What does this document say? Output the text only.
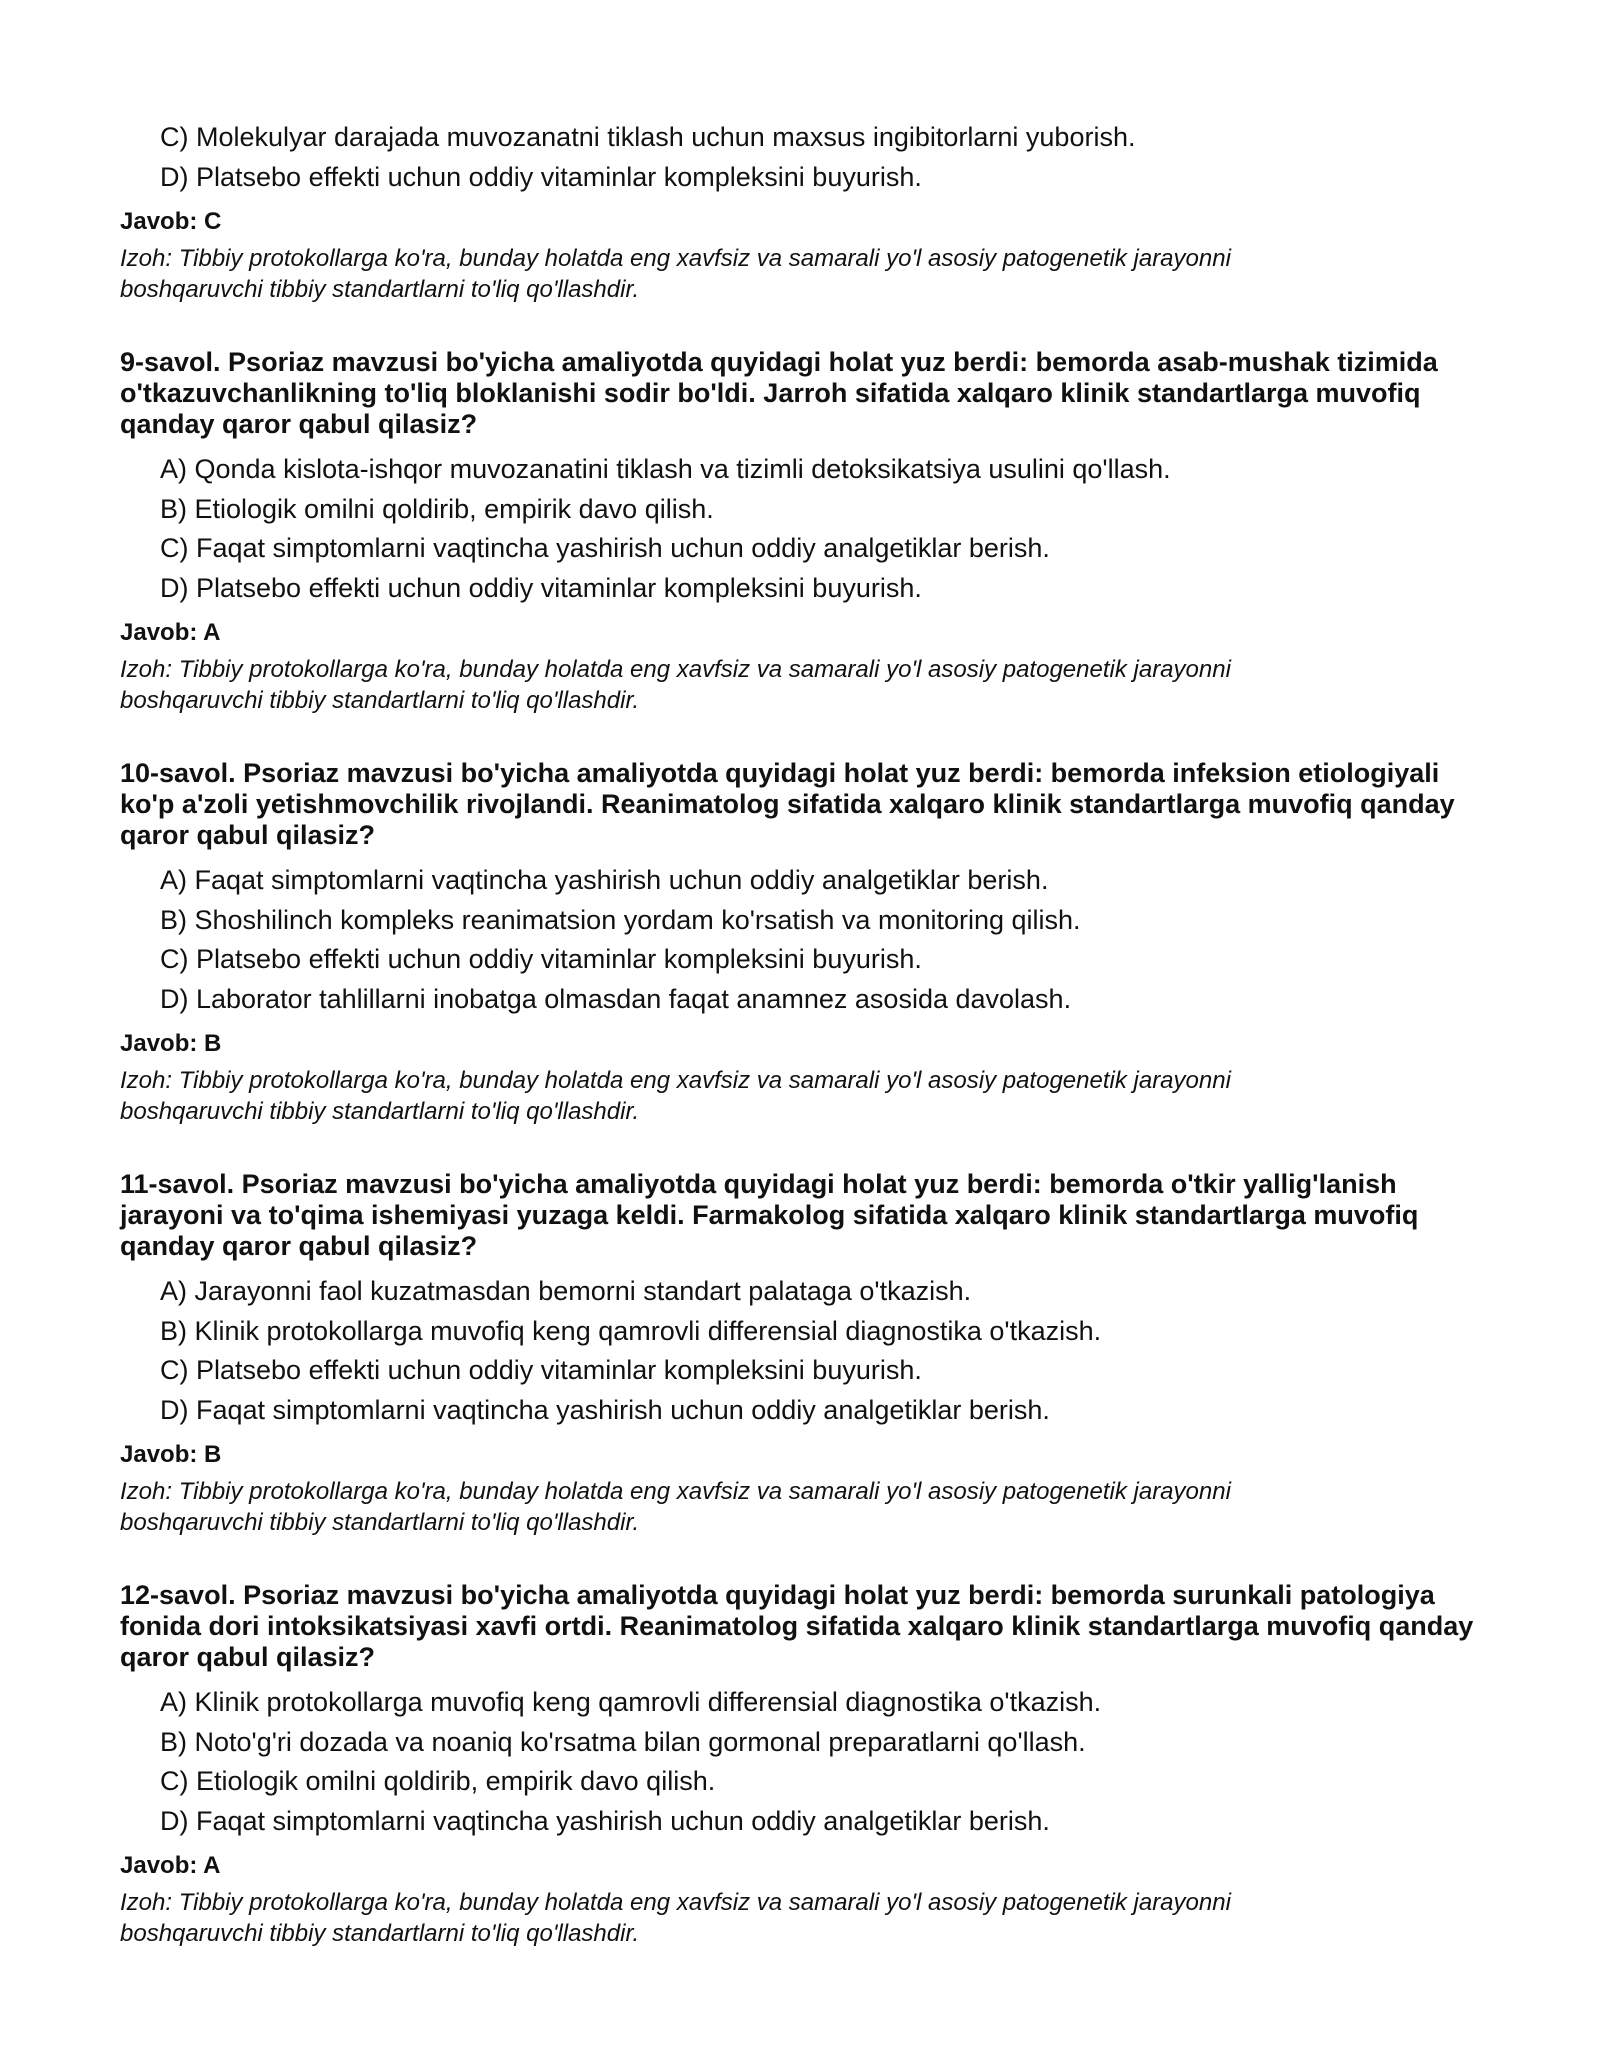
C) Molekulyar darajada muvozanatni tiklash uchun maxsus ingibitorlarni yuborish.
D) Platsebo effekti uchun oddiy vitaminlar kompleksini buyurish.
Javob: C
Izoh: Tibbiy protokollarga ko'ra, bunday holatda eng xavfsiz va samarali yo'l asosiy patogenetik jarayonni boshqaruvchi tibbiy standartlarni to'liq qo'llashdir.
9-savol. Psoriaz mavzusi bo'yicha amaliyotda quyidagi holat yuz berdi: bemorda asab-mushak tizimida o'tkazuvchanlikning to'liq bloklanishi sodir bo'ldi. Jarroh sifatida xalqaro klinik standartlarga muvofiq qanday qaror qabul qilasiz?
A) Qonda kislota-ishqor muvozanatini tiklash va tizimli detoksikatsiya usulini qo'llash.
B) Etiologik omilni qoldirib, empirik davo qilish.
C) Faqat simptomlarni vaqtincha yashirish uchun oddiy analgetiklar berish.
D) Platsebo effekti uchun oddiy vitaminlar kompleksini buyurish.
Javob: A
Izoh: Tibbiy protokollarga ko'ra, bunday holatda eng xavfsiz va samarali yo'l asosiy patogenetik jarayonni boshqaruvchi tibbiy standartlarni to'liq qo'llashdir.
10-savol. Psoriaz mavzusi bo'yicha amaliyotda quyidagi holat yuz berdi: bemorda infeksion etiologiyali ko'p a'zoli yetishmovchilik rivojlandi. Reanimatolog sifatida xalqaro klinik standartlarga muvofiq qanday qaror qabul qilasiz?
A) Faqat simptomlarni vaqtincha yashirish uchun oddiy analgetiklar berish.
B) Shoshilinch kompleks reanimatsion yordam ko'rsatish va monitoring qilish.
C) Platsebo effekti uchun oddiy vitaminlar kompleksini buyurish.
D) Laborator tahlillarni inobatga olmasdan faqat anamnez asosida davolash.
Javob: B
Izoh: Tibbiy protokollarga ko'ra, bunday holatda eng xavfsiz va samarali yo'l asosiy patogenetik jarayonni boshqaruvchi tibbiy standartlarni to'liq qo'llashdir.
11-savol. Psoriaz mavzusi bo'yicha amaliyotda quyidagi holat yuz berdi: bemorda o'tkir yallig'lanish jarayoni va to'qima ishemiyasi yuzaga keldi. Farmakolog sifatida xalqaro klinik standartlarga muvofiq qanday qaror qabul qilasiz?
A) Jarayonni faol kuzatmasdan bemorni standart palataga o'tkazish.
B) Klinik protokollarga muvofiq keng qamrovli differensial diagnostika o'tkazish.
C) Platsebo effekti uchun oddiy vitaminlar kompleksini buyurish.
D) Faqat simptomlarni vaqtincha yashirish uchun oddiy analgetiklar berish.
Javob: B
Izoh: Tibbiy protokollarga ko'ra, bunday holatda eng xavfsiz va samarali yo'l asosiy patogenetik jarayonni boshqaruvchi tibbiy standartlarni to'liq qo'llashdir.
12-savol. Psoriaz mavzusi bo'yicha amaliyotda quyidagi holat yuz berdi: bemorda surunkali patologiya fonida dori intoksikatsiyasi xavfi ortdi. Reanimatolog sifatida xalqaro klinik standartlarga muvofiq qanday qaror qabul qilasiz?
A) Klinik protokollarga muvofiq keng qamrovli differensial diagnostika o'tkazish.
B) Noto'g'ri dozada va noaniq ko'rsatma bilan gormonal preparatlarni qo'llash.
C) Etiologik omilni qoldirib, empirik davo qilish.
D) Faqat simptomlarni vaqtincha yashirish uchun oddiy analgetiklar berish.
Javob: A
Izoh: Tibbiy protokollarga ko'ra, bunday holatda eng xavfsiz va samarali yo'l asosiy patogenetik jarayonni boshqaruvchi tibbiy standartlarni to'liq qo'llashdir.
